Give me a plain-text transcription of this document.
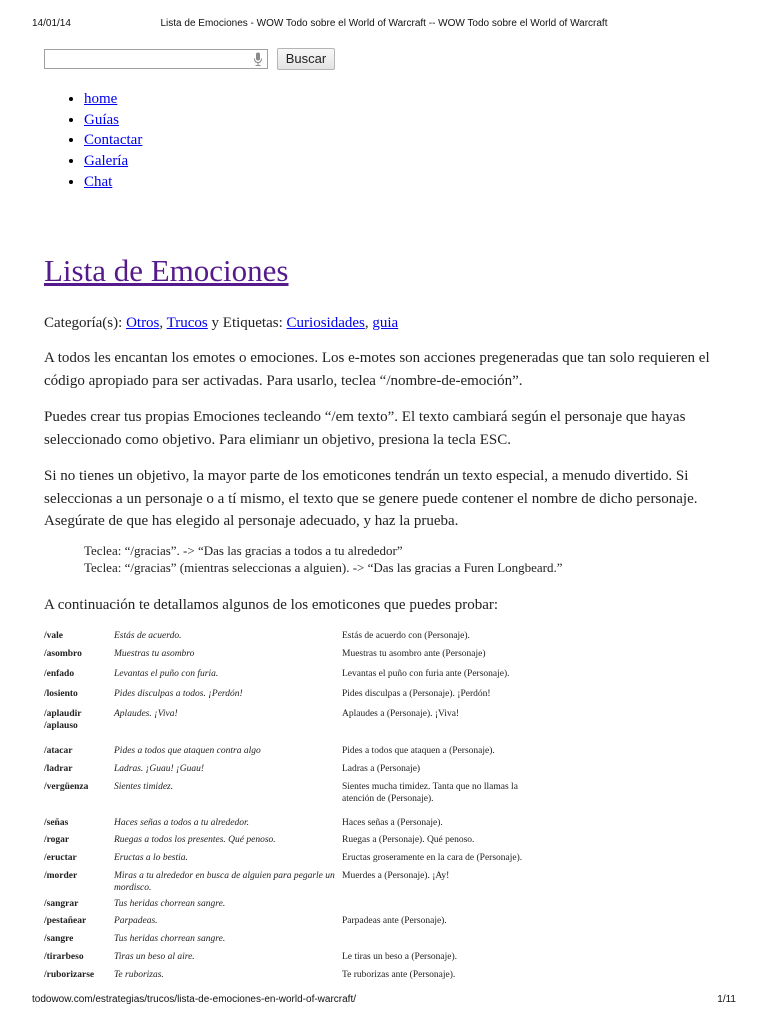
14/01/14	Lista de Emociones - WOW Todo sobre el World of Warcraft -- WOW Todo sobre el World of Warcraft
Buscar
• home
• Guías
• Contactar
• Galería
• Chat
Lista de Emociones
Categoría(s): Otros, Trucos y Etiquetas: Curiosidades, guia

A todos les encantan los emotes o emociones. Los e-motes son acciones pregeneradas que tan solo requieren el código apropiado para ser activadas. Para usarlo, teclea “/nombre-de-emoción”.

Puedes crear tus propias Emociones tecleando “/em texto”. El texto cambiará según el personaje que hayas seleccionado como objetivo. Para elimianr un objetivo, presiona la tecla ESC.

Si no tienes un objetivo, la mayor parte de los emoticones tendrán un texto especial, a menudo divertido. Si seleccionas a un personaje o a tí mismo, el texto que se genere puede contener el nombre de dicho personaje. Asegúrate de que has elegido al personaje adecuado, y haz la prueba.

Teclea: “/gracias”. -> “Das las gracias a todos a tu alrededor”
Teclea: “/gracias” (mientras seleccionas a alguien). -> “Das las gracias a Furen Longbeard.”

A continuación te detallamos algunos de los emoticones que puedes probar:

/vale	Estás de acuerdo.	Estás de acuerdo con (Personaje).
/asombro	Muestras tu asombro	Muestras tu asombro ante (Personaje)
/enfado	Levantas el puño con furia.	Levantas el puño con furia ante (Personaje).
/losiento	Pides disculpas a todos. ¡Perdón!	Pides disculpas a (Personaje). ¡Perdón!
/aplaudir
/aplauso	Aplaudes. ¡Viva!	Aplaudes a (Personaje). ¡Viva!
/atacar	Pides a todos que ataquen contra algo	Pides a todos que ataquen a (Personaje).
/ladrar	Ladras. ¡Guau! ¡Guau!	Ladras a (Personaje)
/vergüenza	Sientes timidez.	Sientes mucha timidez. Tanta que no llamas la atención de (Personaje).
/señas	Haces señas a todos a tu alrededor.	Haces señas a (Personaje).
/rogar	Ruegas a todos los presentes. Qué penoso.	Ruegas a (Personaje). Qué penoso.
/eructar	Eructas a lo bestia.	Eructas groseramente en la cara de (Personaje).
/morder	Miras a tu alrededor en busca de alguien para pegarle un mordisco.	Muerdes a (Personaje). ¡Ay!
/sangrar	Tus heridas chorrean sangre.	
/pestañear	Parpadeas.	Parpadeas ante (Personaje).
/sangre	Tus heridas chorrean sangre.	
/tirarbeso	Tiras un beso al aire.	Le tiras un beso a (Personaje).
/ruborizarse	Te ruborizas.	Te ruborizas ante (Personaje).
todowow.com/estrategias/trucos/lista-de-emociones-en-world-of-warcraft/	1/11
